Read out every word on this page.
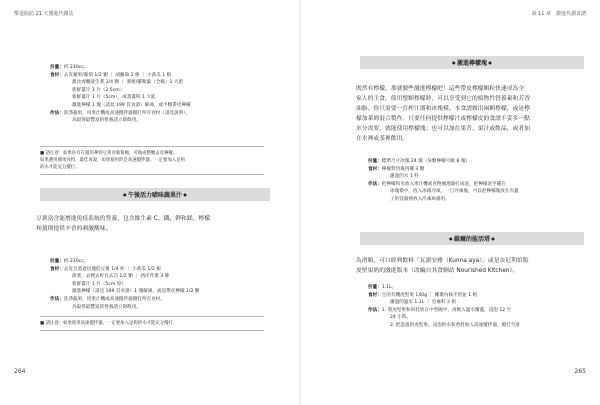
擊退脂肪 21 天激進代謝法

份量：約 230cc。

食材：去皮蘋果/葡萄 1/2 顆 ｜ 胡蘿蔔 1 根 ｜ 小黃瓜 1 根

甜比或嫩菠生菜 1/4 顆 ｜ 蜜柑/羅勒葉（全株）1 大把

新鮮薑片 1 片（2.5cm）

新鮮薑片 1 片（5cm），或蒸薑粉 1 大匙

激進檸檬 1 塊（請見 199 頁食譜）解凍，或半顆帶皮檸檬

作法：洗淨蔬果，用果汁機或高速攪拌器攪打所有食材（請見說明）。

為取得最豐富的營養請立即飲用。

■ 請注意：如果你有在服用華特豆莢食葡萄柚，可換成整顆去皮檸檬。

如果選用蘋果食料，最佳再說，如果使用的是高速攪拌器，一定要加入足夠

的水才能充分攪打。

● 午後活力嗆味蔬果汁 ●

豆薯富含能增進免疫系統的營養，包含維生素 C、鐵、鉀和鎂。檸檬

和薑則提供辛香的刺激酸味。

份量：約 230cc。

食材：去皮且蒸過切塊的豆薯 1/4 杯 ｜ 小黃瓜 1/2 根

菠菜，去梗去籽且去芯 1/2 顆 ｜ 西洋芹菜 3 條

新鮮薑片 1 片（5cm 厚）

激進檸檬（請見 199 頁食譜）1 塊解凍，或是帶皮檸檬 1/2 顆

作法：洗淨蔬果，用果汁機或高速攪拌器攪打所有食材。

為取得最豐富的營養請立即飲用。

■ 請注意：如果使用高速攪拌器，一定要加入足夠的水才能充分攪打。

264
第 11 章　激進代謝食譜
● 激進檸檬塊 ●

既然有檸檬，那就做些激進檸檬吧！這些帶皮檸檬顆粒快速成為全

家人的主食，使用整顆檸檬時，可以享受到它的植物性營養素和芳香

油脂。你只需要一台榨汁器和冰塊模。本食譜做出兩顆檸檬，或是檸

檬加萊姆混合製作，只要任何提供檸檬汁或檸檬皮的食譜不妥多一點

水分需要，就能使用檸檬塊；也可以加在果昔、果汁或飲品，或者加

在水裡或茶裡飲用。

份量：標準尺寸冰塊 24 塊（每顆檸檬可做 8 塊）

食材：檸檬對切後四瓣 3 顆

濾過的水 1 杯

作法：把檸檬和水放入果汁機或食物處理器打成泥，把檸檬泥平鋪在

冰塊模中，放入冰箱冷凍，一旦冷凍後，可以把檸檬塊放在有蓋

子的容器裡放入冷凍庫備用。

● 維爾的能活塔 ●

為滑順、可口經典飲料「瓦諾安雅（Kunna aya）」或是奈尼利伯版

皮堅果奶的激進版本（改編自其食網站 Nourished Kitchen）。

份量：1.1L。

食材：生的有機虎堅果 140g ｜ 椰棗內核半捏並 1 根

濾過的溫水 1.1L ｜ 亞麻籽 2 根

作法：1. 將虎堅果和肉桂放在中型碗中，再倒入溫水覆蓋，浸泡 12 至

24 小時。

2. 把泡過的虎堅果、浸泡的水和香料加入高速攪拌器，攪打至滑

265
